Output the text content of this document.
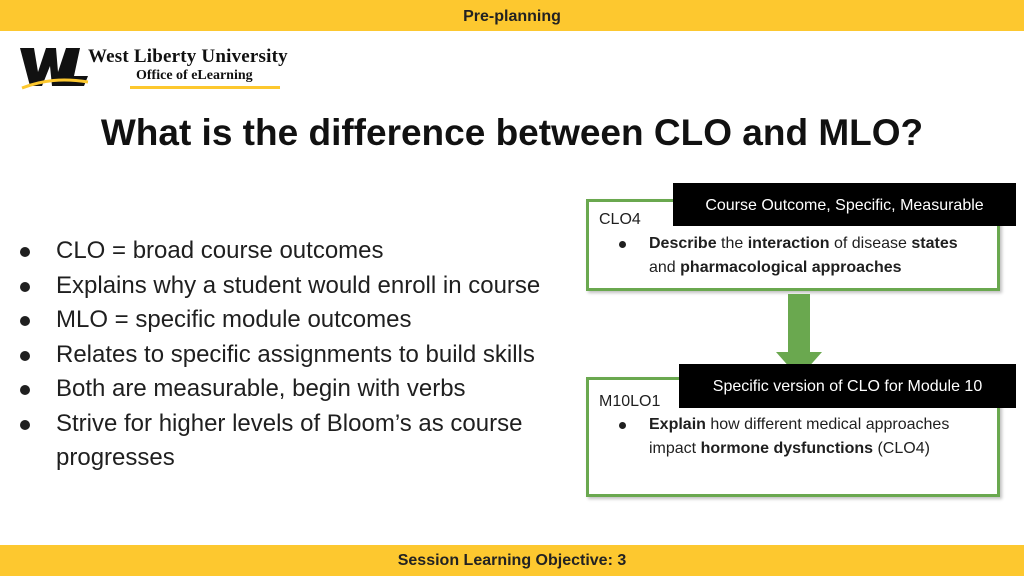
Pre-planning
West Liberty University
Office of eLearning
What is the difference between CLO and MLO?
CLO = broad course outcomes
Explains why a student would enroll in course
MLO = specific module outcomes
Relates to specific assignments to build skills
Both are measurable, begin with verbs
Strive for higher levels of Bloom’s as course progresses
CLO4
Describe the interaction of disease states and pharmacological approaches
M10LO1
Explain how different medical approaches impact hormone dysfunctions (CLO4)
Course Outcome, Specific, Measurable
Specific version of CLO for Module 10
Session Learning Objective: 3
